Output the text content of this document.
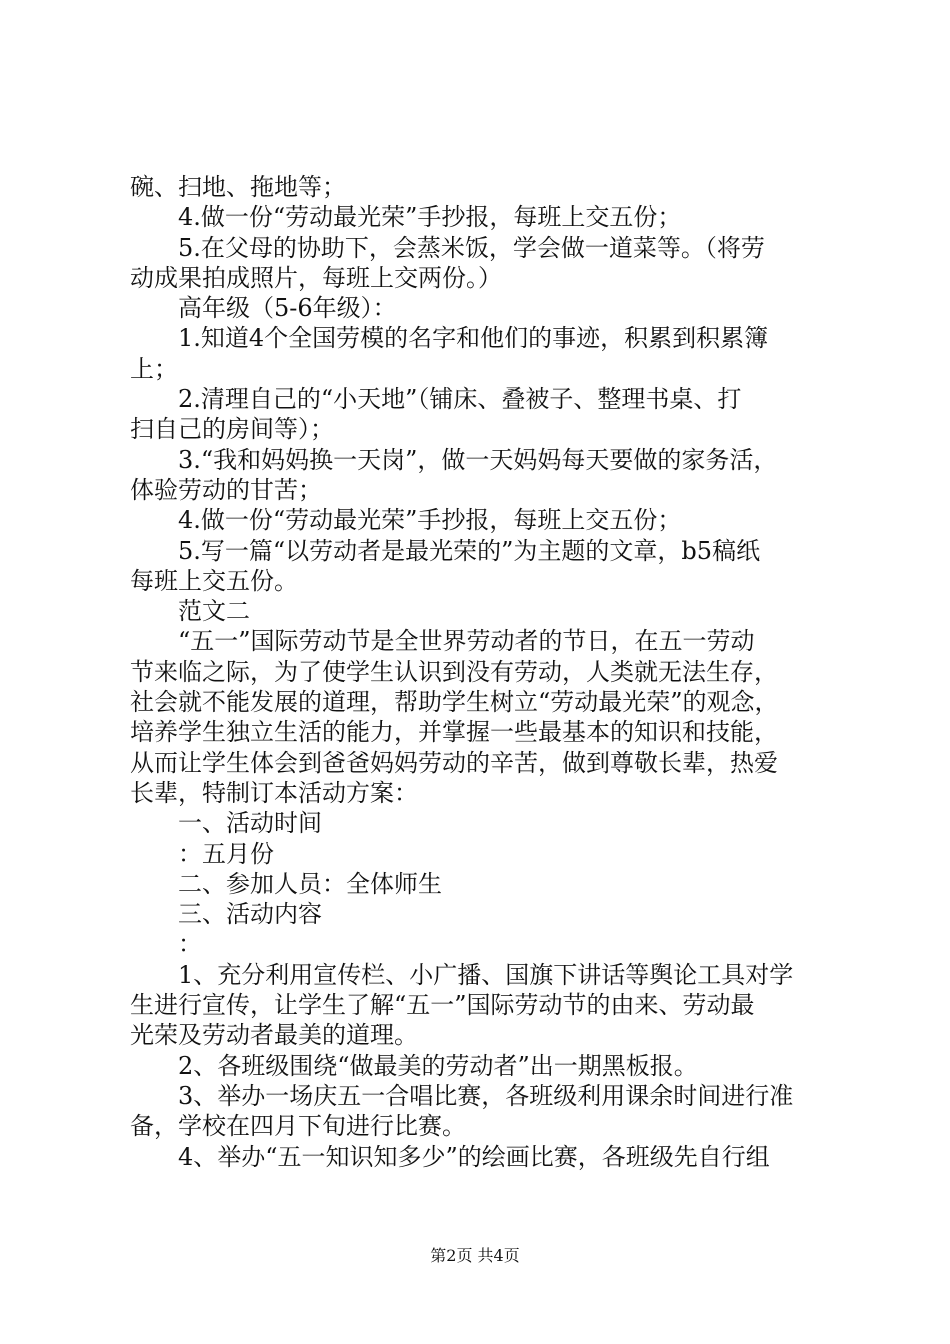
碗、扫地、拖地等；
4.做一份“劳动最光荣”手抄报，每班上交五份；
5.在父母的协助下，会蒸米饭，学会做一道菜等。（将劳
动成果拍成照片，每班上交两份。）
高年级（5-6年级）：
1.知道4个全国劳模的名字和他们的事迹，积累到积累簿
上；
2.清理自己的“小天地”（铺床、叠被子、整理书桌、打
扫自己的房间等）；
3.“我和妈妈换一天岗”，做一天妈妈每天要做的家务活，
体验劳动的甘苦；
4.做一份“劳动最光荣”手抄报，每班上交五份；
5.写一篇“以劳动者是最光荣的”为主题的文章，b5稿纸
每班上交五份。
范文二
“五一”国际劳动节是全世界劳动者的节日，在五一劳动
节来临之际，为了使学生认识到没有劳动，人类就无法生存，
社会就不能发展的道理，帮助学生树立“劳动最光荣”的观念，
培养学生独立生活的能力，并掌握一些最基本的知识和技能，
从而让学生体会到爸爸妈妈劳动的辛苦，做到尊敬长辈，热爱
长辈，特制订本活动方案：
一、活动时间
：五月份
二、参加人员：全体师生
三、活动内容
：
1、充分利用宣传栏、小广播、国旗下讲话等舆论工具对学
生进行宣传，让学生了解“五一”国际劳动节的由来、劳动最
光荣及劳动者最美的道理。
2、各班级围绕“做最美的劳动者”出一期黑板报。
3、举办一场庆五一合唱比赛，各班级利用课余时间进行准
备，学校在四月下旬进行比赛。
4、举办“五一知识知多少”的绘画比赛，各班级先自行组
第2页 共4页
